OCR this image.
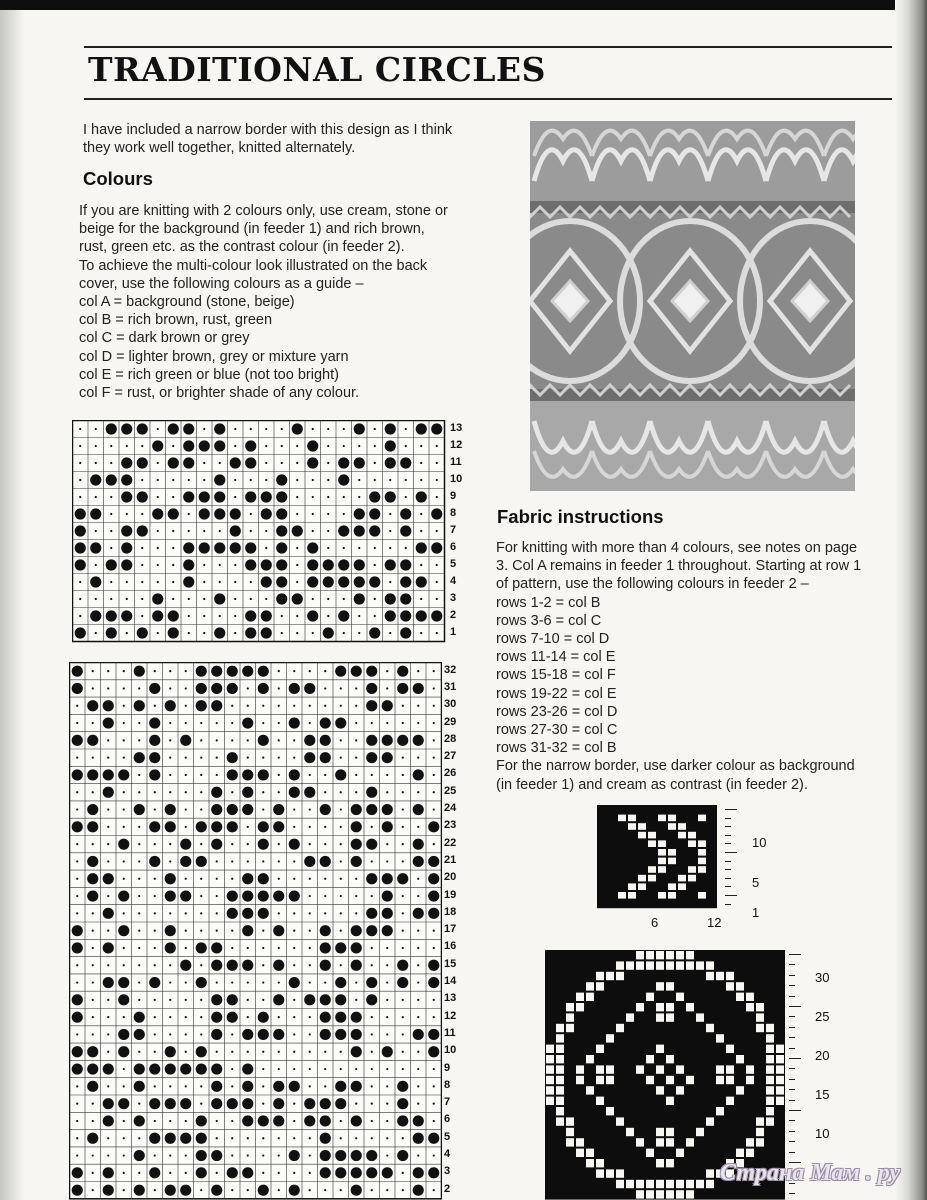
TRADITIONAL CIRCLES
I have included a narrow border with this design as I think
they work well together, knitted alternately.
Colours
If you are knitting with 2 colours only, use cream, stone or
beige for the background (in feeder 1) and rich brown,
rust, green etc. as the contrast colour (in feeder 2).
To achieve the multi-colour look illustrated on the back
cover, use the following colours as a guide –
col A = background (stone, beige)
col B = rich brown, rust, green
col C = dark brown or grey
col D = lighter brown, grey or mixture yarn
col E = rich green or blue (not too bright)
col F = rust, or brighter shade of any colour.
13
12
11
10
9
8
7
6
5
4
3
2
1
32
31
30
29
28
27
26
25
24
23
22
21
20
19
18
17
16
15
14
13
12
11
10
9
8
7
6
5
4
3
2
Fabric instructions
For knitting with more than 4 colours, see notes on page
3. Col A remains in feeder 1 throughout. Starting at row 1
of pattern, use the following colours in feeder 2 –
rows 1-2 = col B
rows 3-6 = col C
rows 7-10 = col D
rows 11-14 = col E
rows 15-18 = col F
rows 19-22 = col E
rows 23-26 = col D
rows 27-30 = col C
rows 31-32 = col B
For the narrow border, use darker colour as background
(in feeder 1) and cream as contrast (in feeder 2).
10
5
1
6	12
30
25
20
15
10
Страна Мам . ру
